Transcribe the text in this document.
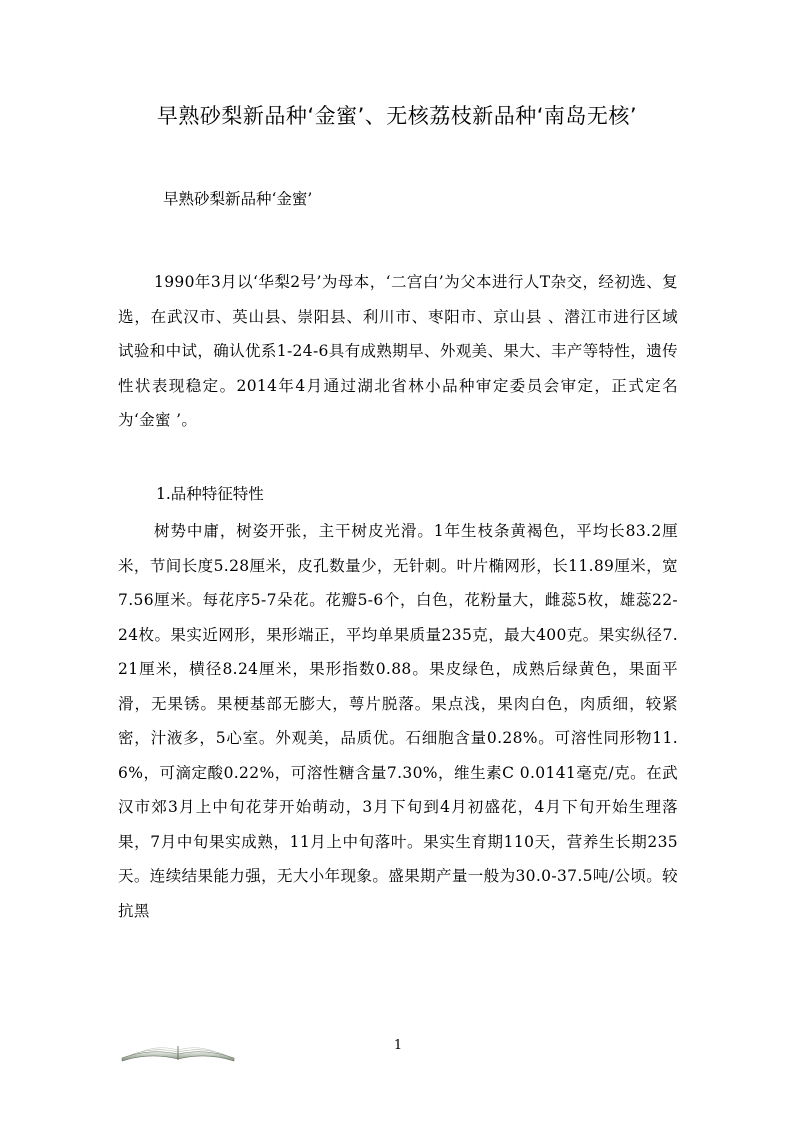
早熟砂梨新品种‘金蜜’、无核荔枝新品种‘南岛无核’
早熟砂梨新品种‘金蜜’
1990年3月以‘华梨2号’为母本，‘二宫白’为父本进行人T杂交，经初选、复选，在武汉市、英山县、崇阳县、利川市、枣阳市、京山县 、潜江市进行区域试验和中试，确认优系1-24-6具有成熟期早、外观美、果大、丰产等特性，遗传性状表现稳定。2014年4月通过湖北省林小品种审定委员会审定，正式定名为‘金蜜 ’。
1.品种特征特性
树势中庸，树姿开张，主干树皮光滑。1年生枝条黄褐色，平均长83.2厘米，节间长度5.28厘米，皮孔数量少，无针刺。叶片椭网形，长11.89厘米，宽7.56厘米。每花序5-7朵花。花瓣5-6个，白色，花粉量大，雌蕊5枚，雄蕊22-24枚。果实近网形，果形端正，平均单果质量235克，最大400克。果实纵径7.21厘米，横径8.24厘米，果形指数0.88。果皮绿色，成熟后绿黄色，果面平滑，无果锈。果梗基部无膨大，萼片脱落。果点浅，果肉白色，肉质细，较紧密，汁液多，5心室。外观美，品质优。石细胞含量0.28%。可溶性同形物11.6%，可滴定酸0.22%，可溶性糖含量7.30%，维生素C 0.0141毫克/克。在武汉市郊3月上中旬花芽开始萌动，3月下旬到4月初盛花，4月下旬开始生理落果，7月中旬果实成熟，11月上中旬落叶。果实生育期110天，营养生长期235天。连续结果能力强，无大小年现象。盛果期产量一般为30.0-37.5吨/公顷。较抗黑
1
